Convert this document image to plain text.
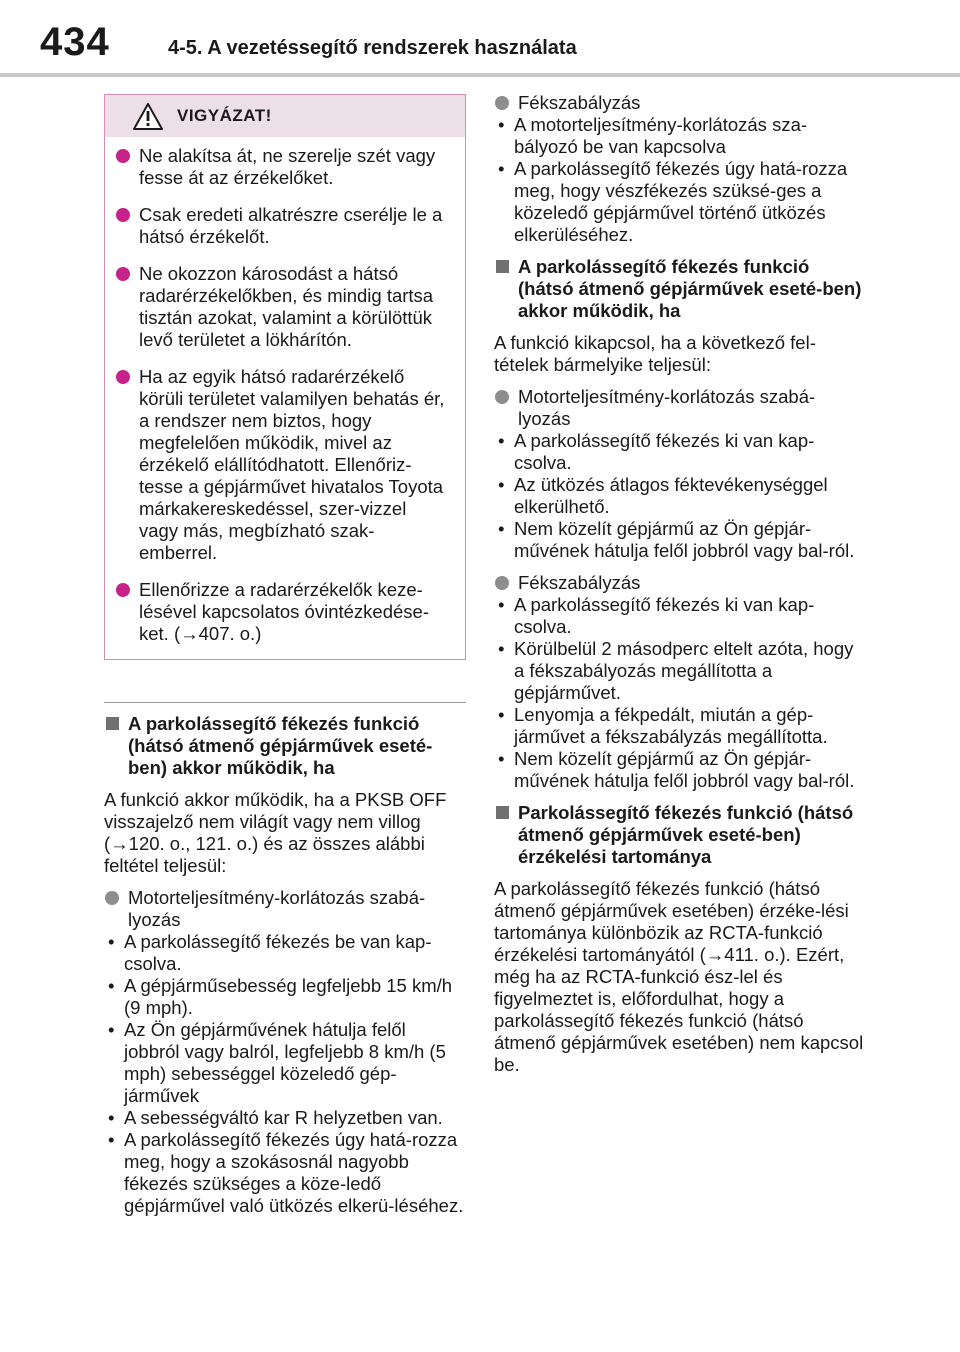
434	4-5. A vezetéssegítő rendszerek használata
VIGYÁZAT!
Ne alakítsa át, ne szerelje szét vagy fesse át az érzékelőket.
Csak eredeti alkatrészre cserélje le a hátsó érzékelőt.
Ne okozzon károsodást a hátsó radarérzékelőkben, és mindig tartsa tisztán azokat, valamint a körülöttük levő területet a lökhárítón.
Ha az egyik hátsó radarérzékelő körüli területet valamilyen behatás ér, a rendszer nem biztos, hogy megfelelően működik, mivel az érzékelő elállítódhatott. Ellenőriz-tesse a gépjárművet hivatalos Toyota márkakereskedéssel, szer-vizzel vagy más, megbízható szak-emberrel.
Ellenőrizze a radarérzékelők keze-lésével kapcsolatos óvintézkedése-ket. (→407. o.)
A parkolássegítő fékezés funkció (hátsó átmenő gépjárművek eseté-ben) akkor működik, ha
A funkció akkor működik, ha a PKSB OFF visszajelző nem világít vagy nem villog (→120. o., 121. o.) és az összes alábbi feltétel teljesül:
Motorteljesítmény-korlátozás szabá-lyozás
• A parkolássegítő fékezés be van kap-csolva.
• A gépjárműsebesség legfeljebb 15 km/h (9 mph).
• Az Ön gépjárművének hátulja felől jobbról vagy balról, legfeljebb 8 km/h (5 mph) sebességgel közeledő gép-járművek
• A sebességváltó kar R helyzetben van.
• A parkolássegítő fékezés úgy hatá-rozza meg, hogy a szokásosnál nagyobb fékezés szükséges a köze-ledő gépjárművel való ütközés elkerü-léséhez.
Fékszabályzás
• A motorteljesítmény-korlátozás sza-bályozó be van kapcsolva
• A parkolássegítő fékezés úgy hatá-rozza meg, hogy vészfékezés szüksé-ges a közeledő gépjárművel történő ütközés elkerüléséhez.
A parkolássegítő fékezés funkció (hátsó átmenő gépjárművek eseté-ben) akkor működik, ha
A funkció kikapcsol, ha a következő fel-tételek bármelyike teljesül:
Motorteljesítmény-korlátozás szabá-lyozás
• A parkolássegítő fékezés ki van kap-csolva.
• Az ütközés átlagos féktevékenységgel elkerülhető.
• Nem közelít gépjármű az Ön gépjár-művének hátulja felől jobbról vagy bal-ról.
Fékszabályzás
• A parkolássegítő fékezés ki van kap-csolva.
• Körülbelül 2 másodperc eltelt azóta, hogy a fékszabályozás megállította a gépjárművet.
• Lenyomja a fékpedált, miután a gép-járművet a fékszabályzás megállította.
• Nem közelít gépjármű az Ön gépjár-művének hátulja felől jobbról vagy bal-ról.
Parkolássegítő fékezés funkció (hátsó átmenő gépjárművek eseté-ben) érzékelési tartománya
A parkolássegítő fékezés funkció (hátsó átmenő gépjárművek esetében) érzéke-lési tartománya különbözik az RCTA-funkció érzékelési tartományától (→411. o.). Ezért, még ha az RCTA-funkció ész-lel és figyelmeztet is, előfordulhat, hogy a parkolássegítő fékezés funkció (hátsó átmenő gépjárművek esetében) nem kapcsol be.
